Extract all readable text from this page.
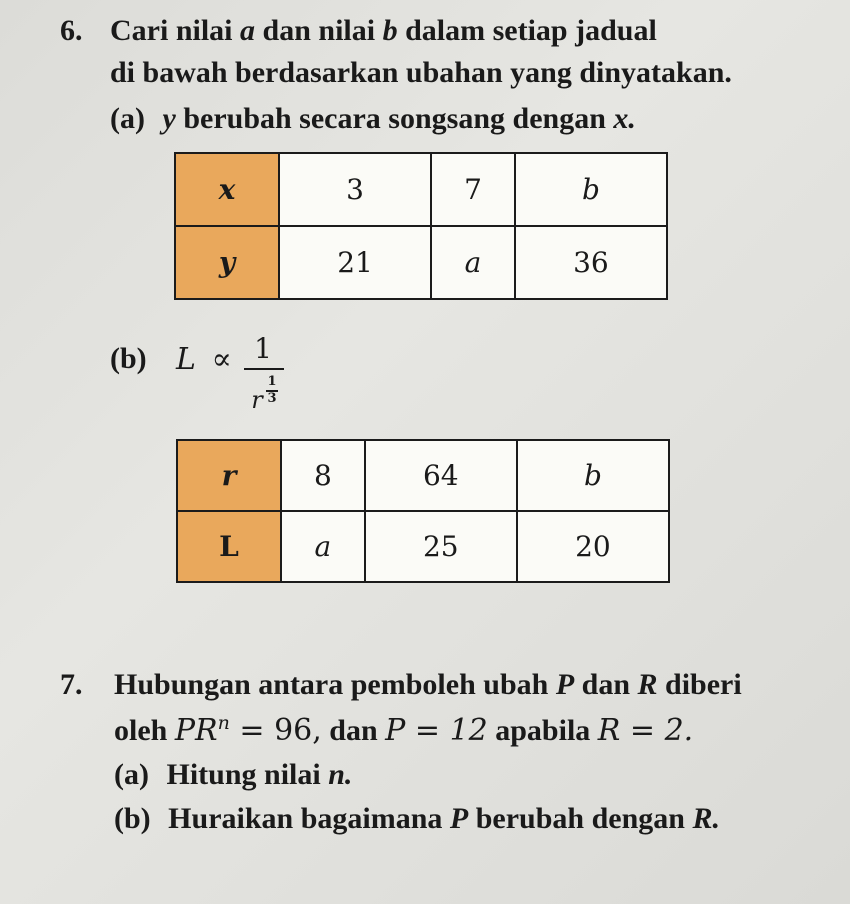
6. Cari nilai a dan nilai b dalam setiap jadual
di bawah berdasarkan ubahan yang dinyatakan.
(a) y berubah secara songsang dengan x.
x	3	7	b
y	21	a	36
(b) L ∝ 1
r
1
3
r	8	64	b
L	a	25	20
7. Hubungan antara pemboleh ubah P dan R diberi
oleh $PR^n = 96$, dan P = 12 apabila R = 2.
(a) Hitung nilai n.
(b) Huraikan bagaimana P berubah dengan R.
